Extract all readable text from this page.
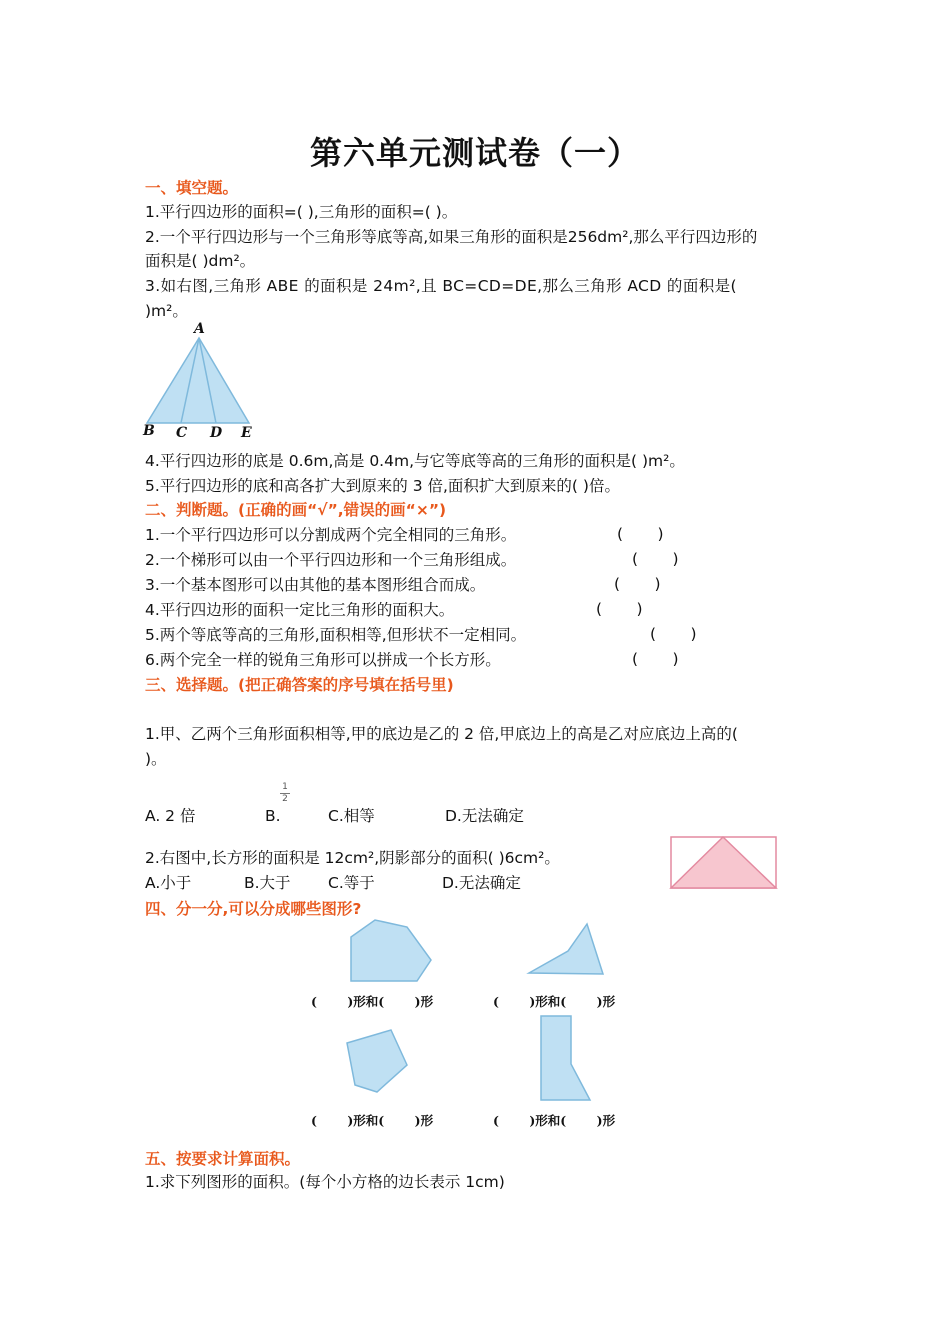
第六单元测试卷（一）
一、填空题。
1.平行四边形的面积=( ),三角形的面积=( )。
2.一个平行四边形与一个三角形等底等高,如果三角形的面积是256dm²,那么平行四边形的
面积是( )dm²。
3.如右图,三角形 ABE 的面积是 24m²,且 BC=CD=DE,那么三角形 ACD 的面积是(
)m²。
A
B C D E
4.平行四边形的底是 0.6m,高是 0.4m,与它等底等高的三角形的面积是( )m²。
5.平行四边形的底和高各扩大到原来的 3 倍,面积扩大到原来的( )倍。
二、判断题。(正确的画“√”,错误的画“×”)
1.一个平行四边形可以分割成两个完全相同的三角形。	(       )
2.一个梯形可以由一个平行四边形和一个三角形组成。	(       )
3.一个基本图形可以由其他的基本图形组合而成。	(       )
4.平行四边形的面积一定比三角形的面积大。	(       )
5.两个等底等高的三角形,面积相等,但形状不一定相同。	(       )
6.两个完全一样的锐角三角形可以拼成一个长方形。	(       )
三、选择题。(把正确答案的序号填在括号里)
1.甲、乙两个三角形面积相等,甲的底边是乙的 2 倍,甲底边上的高是乙对应底边上高的(
)。
A. 2 倍	B.
1
2
C.相等	D.无法确定
2.右图中,长方形的面积是 12cm²,阴影部分的面积( )6cm²。
A.小于	B.大于 C.等于	D.无法确定
四、分一分,可以分成哪些图形?
(       )形和(       )形	(       )形和(       )形
(       )形和(       )形	(       )形和(       )形
五、按要求计算面积。
1.求下列图形的面积。(每个小方格的边长表示 1cm)
